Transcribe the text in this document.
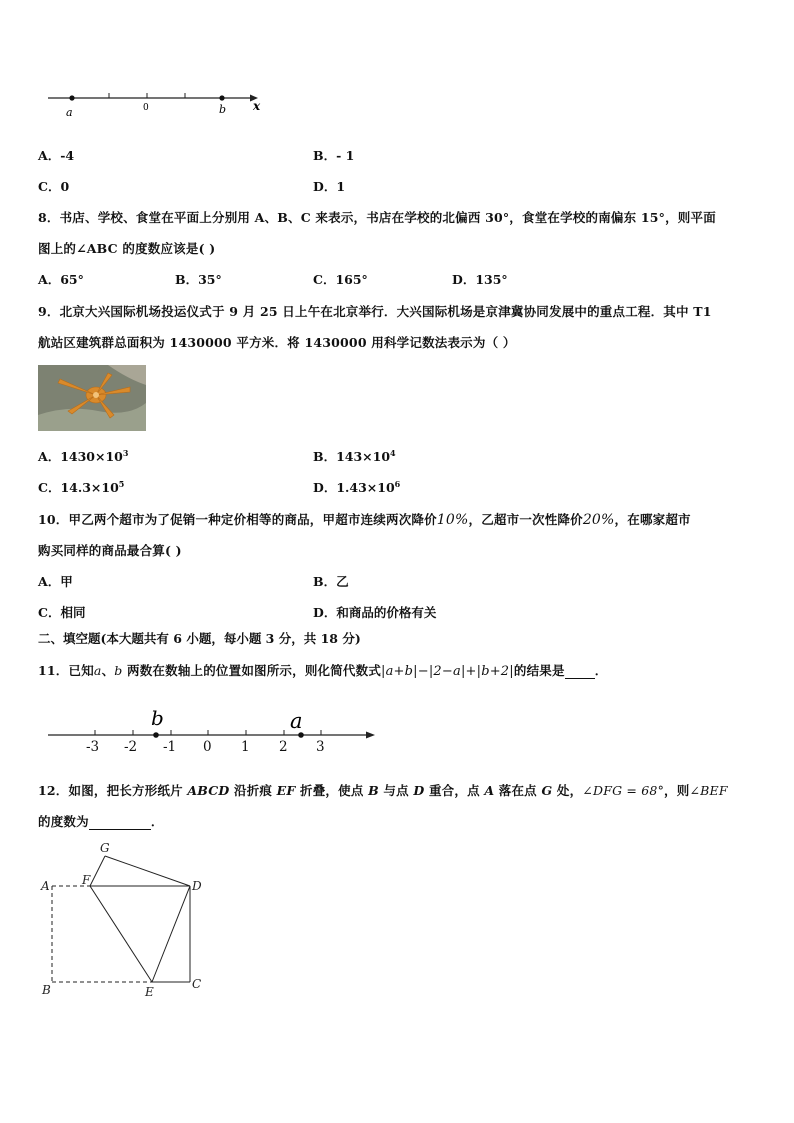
a	0	b x
A．-4	B．- 1
C．0	D．1
8．书店、学校、食堂在平面上分别用 A、B、C 来表示，书店在学校的北偏西 30°，食堂在学校的南偏东 15°，则平面
图上的∠ABC 的度数应该是( )
A．65°	B．35°	C．165°	D．135°
9．北京大兴国际机场投运仪式于 9 月 25 日上午在北京举行．大兴国际机场是京津冀协同发展中的重点工程．其中 T1
航站区建筑群总面积为 1430000 平方米．将 1430000 用科学记数法表示为（ ）
A．$1430\times 10^3$	B．$143\times 10^4$
C．$14.3\times 10^5$	D．$1.43\times 10^6$
10．甲乙两个超市为了促销一种定价相等的商品，甲超市连续两次降价10%，乙超市一次性降价20%，在哪家超市
购买同样的商品最合算( )
A．甲	B．乙
C．相同	D．和商品的价格有关
二、填空题(本大题共有 6 小题，每小题 3 分，共 18 分)
11．已知a、b 两数在数轴上的位置如图所示，则化简代数式|a+b|−|2−a|+|b+2|的结果是 ．
b	a
-3 -2 -1 0 1 2 3
12．如图，把长方形纸片 ABCD 沿折痕 EF 折叠，使点 B 与点 D 重合，点 A 落在点 G 处，∠DFG = 68°，则∠BEF
的度数为	．
G
A	F	D
B	E
C
